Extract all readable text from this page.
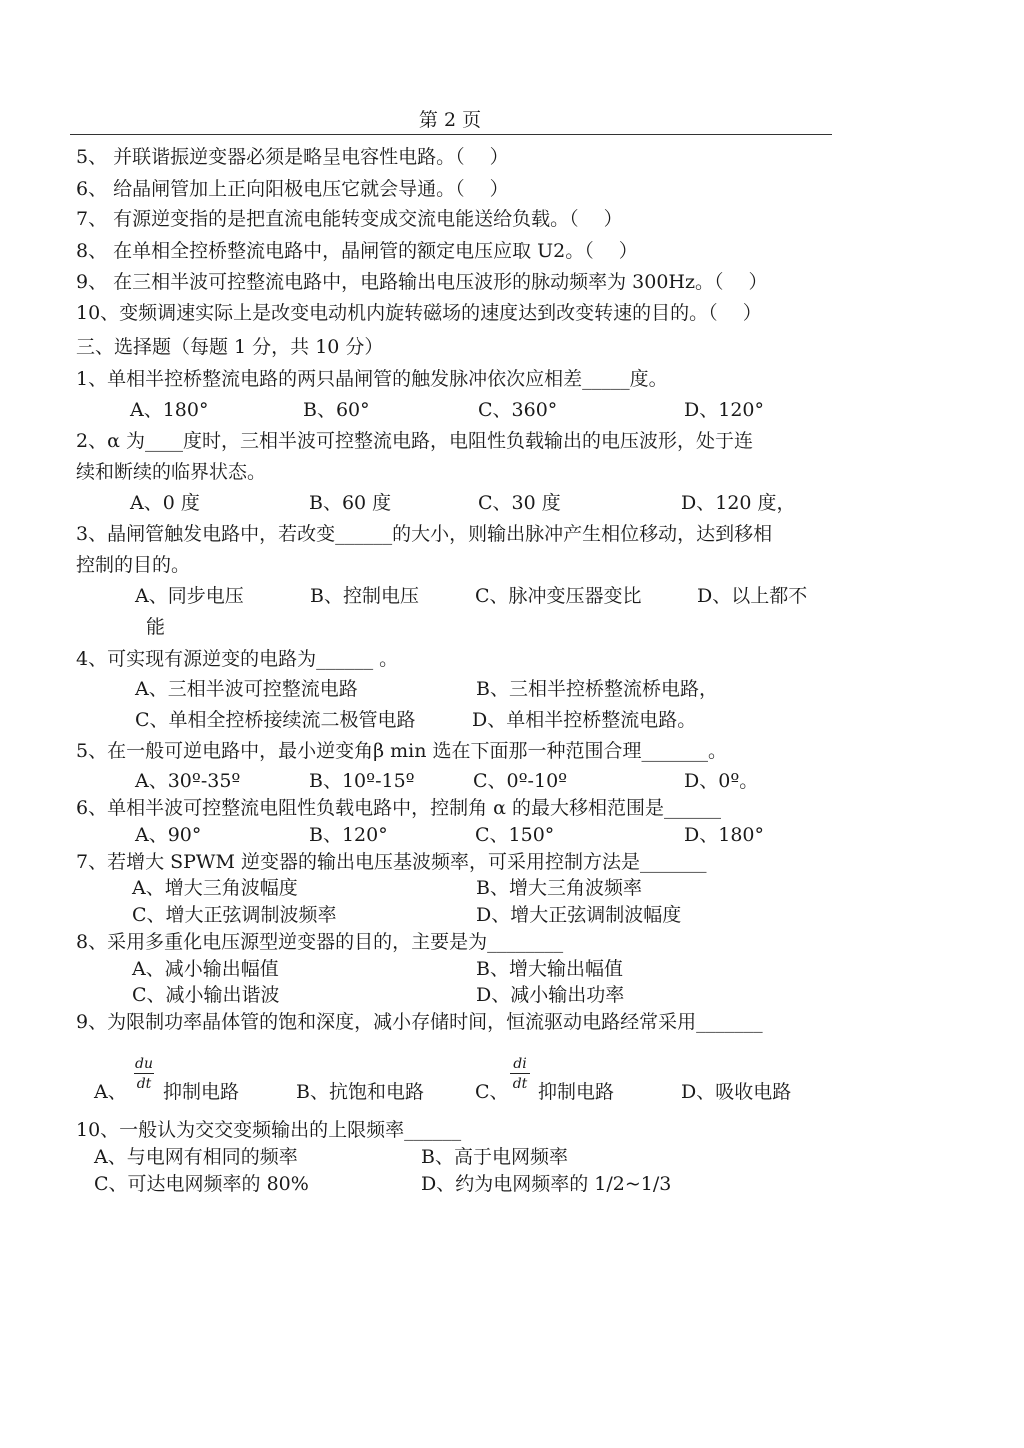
第 2 页
5、 并联谐振逆变器必须是略呈电容性电路。（　 ）
6、 给晶闸管加上正向阳极电压它就会导通。（　 ）
7、 有源逆变指的是把直流电能转变成交流电能送给负载。（　 ）
8、 在单相全控桥整流电路中，晶闸管的额定电压应取 U2。（　 ）
9、 在三相半波可控整流电路中，电路输出电压波形的脉动频率为 300Hz。（　 ）
10、变频调速实际上是改变电动机内旋转磁场的速度达到改变转速的目的。（　 ）
三、选择题（每题 1 分，共 10 分）
1、单相半控桥整流电路的两只晶闸管的触发脉冲依次应相差_____度。
A、180°	B、60°	C、360°	D、120°
2、α 为____度时，三相半波可控整流电路，电阻性负载输出的电压波形，处于连
续和断续的临界状态。
A、0 度	B、60 度	C、30 度	D、120 度，
3、晶闸管触发电路中，若改变______的大小，则输出脉冲产生相位移动，达到移相
控制的目的。
A、同步电压	B、控制电压	C、脉冲变压器变比	D、以上都不
能
4、可实现有源逆变的电路为______ 。
A、三相半波可控整流电路	B、三相半控桥整流桥电路，
C、单相全控桥接续流二极管电路	D、单相半控桥整流电路。
5、在一般可逆电路中，最小逆变角β min 选在下面那一种范围合理_______。
A、30º-35º	B、10º-15º	C、0º-10º	D、0º。
6、单相半波可控整流电阻性负载电路中，控制角 α 的最大移相范围是______
A、90°	B、120°	C、150°	D、180°
7、若增大 SPWM 逆变器的输出电压基波频率，可采用控制方法是_______
A、增大三角波幅度	B、增大三角波频率
C、增大正弦调制波频率	D、增大正弦调制波幅度
8、采用多重化电压源型逆变器的目的，主要是为________
A、减小输出幅值	B、增大输出幅值
C、减小输出谐波	D、减小输出功率
9、为限制功率晶体管的饱和深度，减小存储时间，恒流驱动电路经常采用_______
A、
du
dt 抑制电路	B、抗饱和电路	C、
di
dt 抑制电路	D、吸收电路
10、一般认为交交变频输出的上限频率______
A、与电网有相同的频率	B、高于电网频率
C、可达电网频率的 80%	D、约为电网频率的 1/2~1/3
